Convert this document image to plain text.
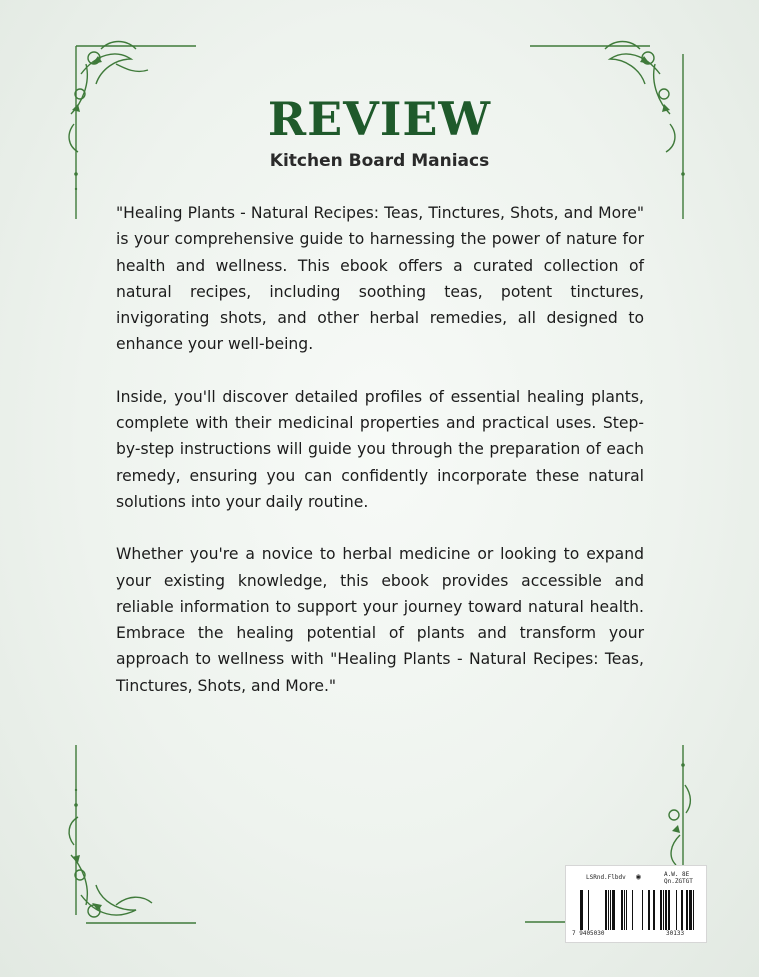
REVIEW
Kitchen Board Maniacs

"Healing Plants - Natural Recipes: Teas, Tinctures, Shots, and More" is your comprehensive guide to harnessing the power of nature for health and wellness. This ebook offers a curated collection of natural recipes, including soothing teas, potent tinctures, invigorating shots, and other herbal remedies, all designed to enhance your well-being.

Inside, you'll discover detailed profiles of essential healing plants, complete with their medicinal properties and practical uses. Step-by-step instructions will guide you through the preparation of each remedy, ensuring you can confidently incorporate these natural solutions into your daily routine.

Whether you're a novice to herbal medicine or looking to expand your existing knowledge, this ebook provides accessible and reliable information to support your journey toward natural health. Embrace the healing potential of plants and transform your approach to wellness with "Healing Plants - Natural Recipes: Teas, Tinctures, Shots, and More."

LSRnd.Flbdv ◉	A.W. 8E
Qn.ZGTGT
7 9405030	30133
